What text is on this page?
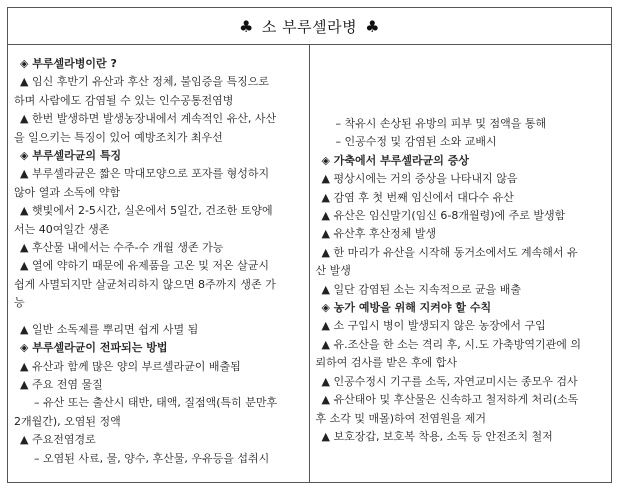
♣ 소 부루셀라병 ♣
◈ 부루셀라병이란 ?
▲ 임신 후반기 유산과 후산 정체, 불임증을 특징으로
하며 사람에도 감염될 수 있는 인수공통전염병
▲ 한번 발생하면 발생농장내에서 계속적인 유산, 사산
을 일으키는 특징이 있어 예방조치가 최우선
◈ 부루셀라균의 특징
▲ 부루셀라균은 짧은 막대모양으로 포자를 형성하지
않아 열과 소독에 약함
▲ 햇빛에서 2-5시간, 실온에서 5일간, 건조한 토양에
서는 40여일간 생존
▲ 후산물 내에서는 수주-수 개월 생존 가능
▲ 열에 약하기 때문에 유제품을 고온 및 저온 살균시
쉽게 사멸되지만 살균처리하지 않으면 8주까지 생존 가
능
▲ 일반 소독제를 뿌리면 쉽게 사멸 됨
◈ 부루셀라균이 전파되는 방법
▲ 유산과 함께 많은 양의 부르셀라균이 배출됨
▲ 주요 전염 물질
– 유산 또는 출산시 태반, 태액, 질점액(특히 분만후
2개월간), 오염된 정액
▲ 주요전염경로
– 오염된 사료, 물, 양수, 후산물, 우유등을 섭취시
– 착유시 손상된 유방의 피부 및 점액을 통해
– 인공수정 및 감염된 소와 교배시
◈ 가축에서 부루셀라균의 증상
▲ 평상시에는 거의 증상을 나타내지 않음
▲ 감염 후 첫 번째 임신에서 대다수 유산
▲ 유산은 임신말기(임신 6-8개월령)에 주로 발생함
▲ 유산후 후산정체 발생
▲ 한 마리가 유산을 시작해 동거소에서도 계속해서 유
산 발생
▲ 일단 감염된 소는 지속적으로 균을 배출
◈ 농가 예방을 위해 지켜야 할 수칙
▲ 소 구입시 병이 발생되지 않은 농장에서 구입
▲ 유.조산을 한 소는 격리 후, 시.도 가축방역기관에 의
뢰하여 검사를 받은 후에 합사
▲ 인공수정시 기구를 소독, 자연교미시는 종모우 검사
▲ 유산태아 및 후산물은 신속하고 철저하게 처리(소독
후 소각 및 매몰)하여 전염원을 제거
▲ 보호장갑, 보호복 착용, 소독 등 안전조치 철저
